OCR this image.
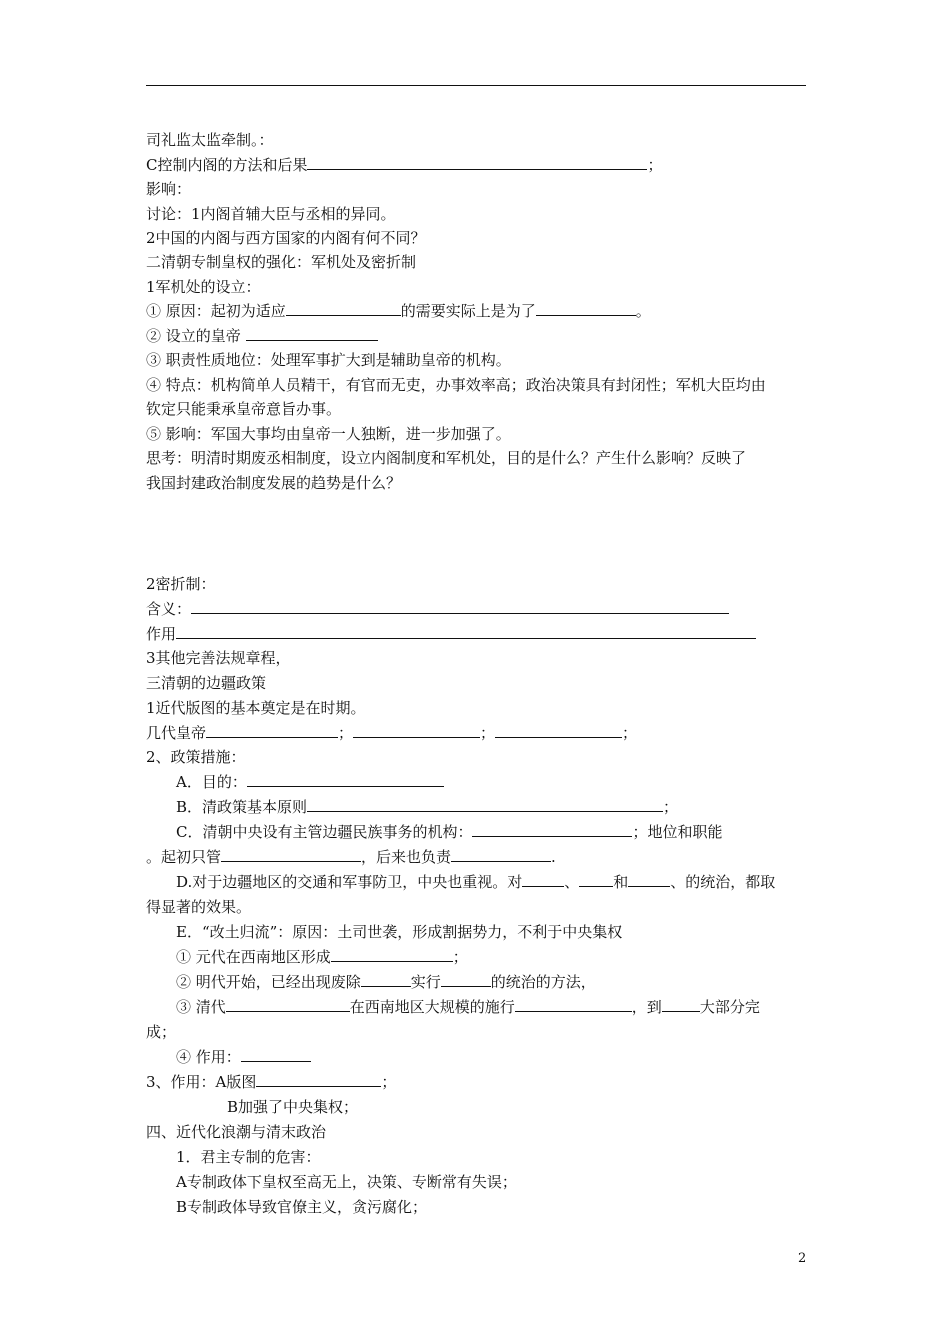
司礼监太监牵制。：
C控制内阁的方法和后果	；
影响：
讨论：1内阁首辅大臣与丞相的异同。
2中国的内阁与西方国家的内阁有何不同？
二清朝专制皇权的强化：军机处及密折制
1军机处的设立：
① 原因：起初为适应	的需要实际上是为了	。
② 设立的皇帝
③ 职责性质地位：处理军事扩大到是辅助皇帝的机构。
④ 特点：机构简单人员精干，有官而无吏，办事效率高；政治决策具有封闭性；军机大臣均由
钦定只能秉承皇帝意旨办事。
⑤ 影响：军国大事均由皇帝一人独断，进一步加强了。
思考：明清时期废丞相制度，设立内阁制度和军机处，目的是什么？产生什么影响？反映了
我国封建政治制度发展的趋势是什么？
2密折制：
含义：
作用
3其他完善法规章程，
三清朝的边疆政策
1近代版图的基本奠定是在时期。
几代皇帝	；	；	；
2、政策措施：
A．目的：
B．清政策基本原则	；
C．清朝中央设有主管边疆民族事务的机构：	；地位和职能
。起初只管	，后来也负责	.
D.对于边疆地区的交通和军事防卫，中央也重视。对	、 和	、的统治，都取
得显著的效果。
E．“改土归流”：原因：土司世袭，形成割据势力，不利于中央集权
① 元代在西南地区形成	；
② 明代开始，已经出现废除	实行	的统治的方法，
③ 清代	在西南地区大规模的施行	，到	大部分完
成；
④ 作用：
3、作用：A版图	；
B加强了中央集权；
四、近代化浪潮与清末政治
1．君主专制的危害：
A专制政体下皇权至高无上，决策、专断常有失误；
B专制政体导致官僚主义，贪污腐化；
2
